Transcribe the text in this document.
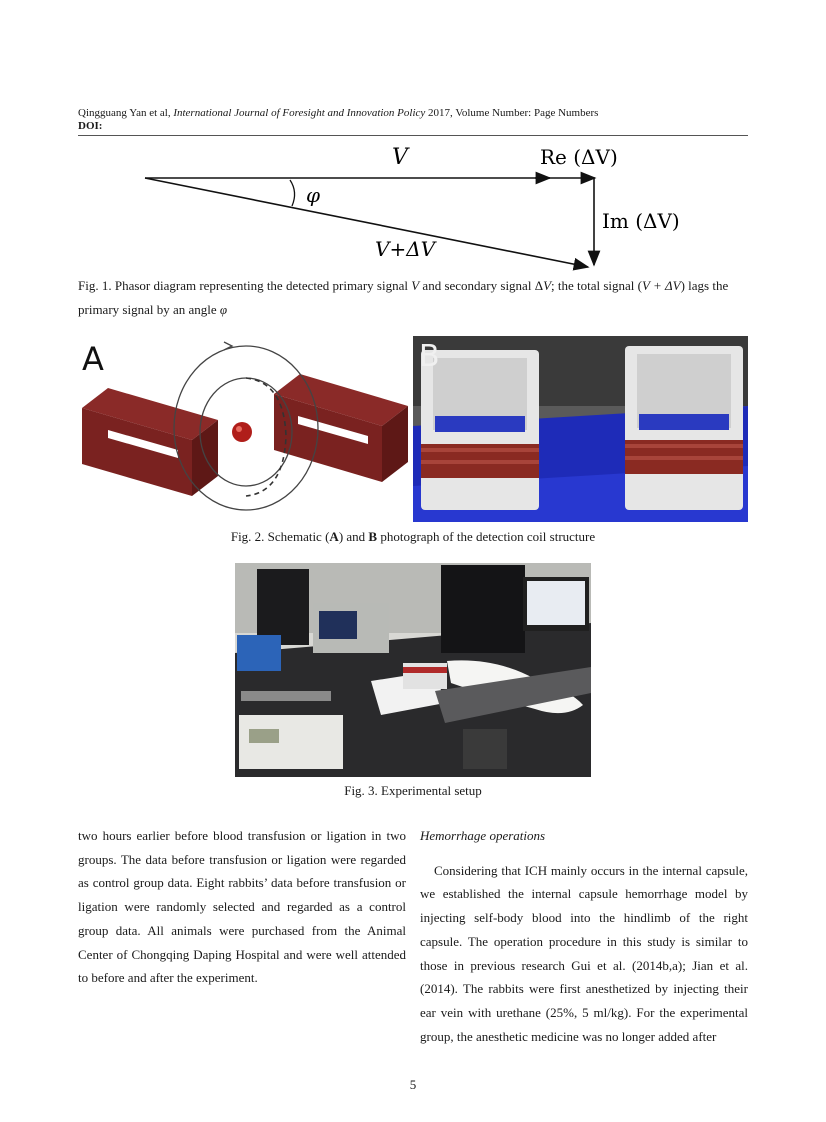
Qingguang Yan et al, International Journal of Foresight and Innovation Policy 2017, Volume Number: Page Numbers
DOI:
φ
V	Re (ΔV)
Im (ΔV)
V+ΔV
Fig. 1. Phasor diagram representing the detected primary signal V and secondary signal ΔV; the total signal (V + ΔV) lags the primary signal by an angle φ
A	B
Fig. 2. Schematic (A) and B photograph of the detection coil structure
Fig. 3. Experimental setup

two hours earlier before blood transfusion or ligation in two groups. The data before transfusion or ligation were regarded as control group data. Eight rabbits’ data before transfusion or ligation were randomly selected and regarded as a control group data. All animals were purchased from the Animal Center of Chongqing Daping Hospital and were well attended to before and after the experiment.

Hemorrhage operations

Considering that ICH mainly occurs in the internal capsule, we established the internal capsule hemorrhage model by injecting self-body blood into the hindlimb of the right capsule. The operation procedure in this study is similar to those in previous research Gui et al. (2014b,a); Jian et al. (2014). The rabbits were first anesthetized by injecting their ear vein with urethane (25%, 5 ml/kg). For the experimental group, the anesthetic medicine was no longer added after

5
